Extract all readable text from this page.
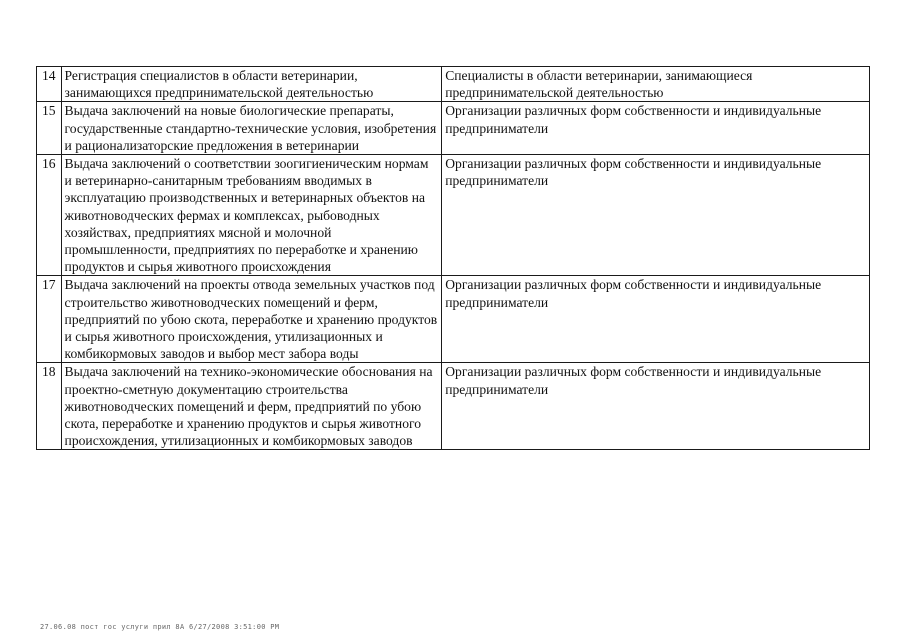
14	Регистрация специалистов в области ветеринарии, занимающихся предпринимательской деятельностью	Специалисты в области ветеринарии, занимающиеся предпринимательской деятельностью
15	Выдача заключений на новые биологические препараты, государственные стандартно-технические условия, изобретения и рационализаторские предложения в ветеринарии	Организации различных форм собственности и индивидуальные предприниматели
16	Выдача заключений о соответствии зоогигиеническим нормам и ветеринарно-санитарным требованиям вводимых в эксплуатацию производственных и ветеринарных объектов на животноводческих фермах и комплексах, рыбоводных хозяйствах, предприятиях мясной и молочной промышленности, предприятиях по переработке и хранению продуктов и сырья животного происхождения	Организации различных форм собственности и индивидуальные предприниматели
17	Выдача заключений на проекты отвода земельных участков под строительство животноводческих помещений и ферм, предприятий по убою скота, переработке и хранению продуктов и сырья животного происхождения, утилизационных и комбикормовых заводов и выбор мест забора воды	Организации различных форм собственности и индивидуальные предприниматели
18	Выдача заключений на технико-экономические обоснования на проектно-сметную документацию строительства животноводческих помещений и ферм, предприятий по убою скота, переработке и хранению продуктов и сырья животного происхождения, утилизационных и комбикормовых заводов	Организации различных форм собственности и индивидуальные предприниматели
27.06.08 пост гос услуги прил 8А 6/27/2008 3:51:00 PM
